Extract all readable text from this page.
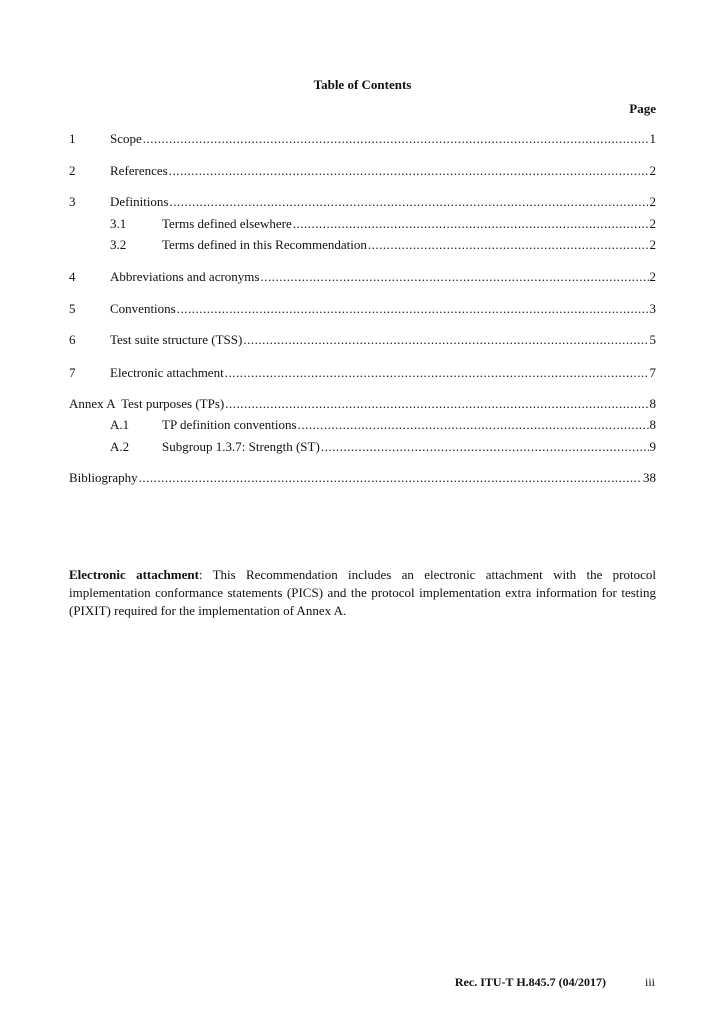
Table of Contents
Page
1	Scope .....	1
2	References .....	2
3	Definitions .....	2
3.1	Terms defined elsewhere .....	2
3.2	Terms defined in this Recommendation .....	2
4	Abbreviations and acronyms .....	2
5	Conventions .....	3
6	Test suite structure (TSS) .....	5
7	Electronic attachment .....	7
Annex A  Test purposes (TPs) .....	8
A.1	TP definition conventions .....	8
A.2	Subgroup 1.3.7: Strength (ST) .....	9
Bibliography .....	38

Electronic attachment: This Recommendation includes an electronic attachment with the protocol implementation conformance statements (PICS) and the protocol implementation extra information for testing (PIXIT) required for the implementation of Annex A.

Rec. ITU-T H.845.7 (04/2017)	iii
